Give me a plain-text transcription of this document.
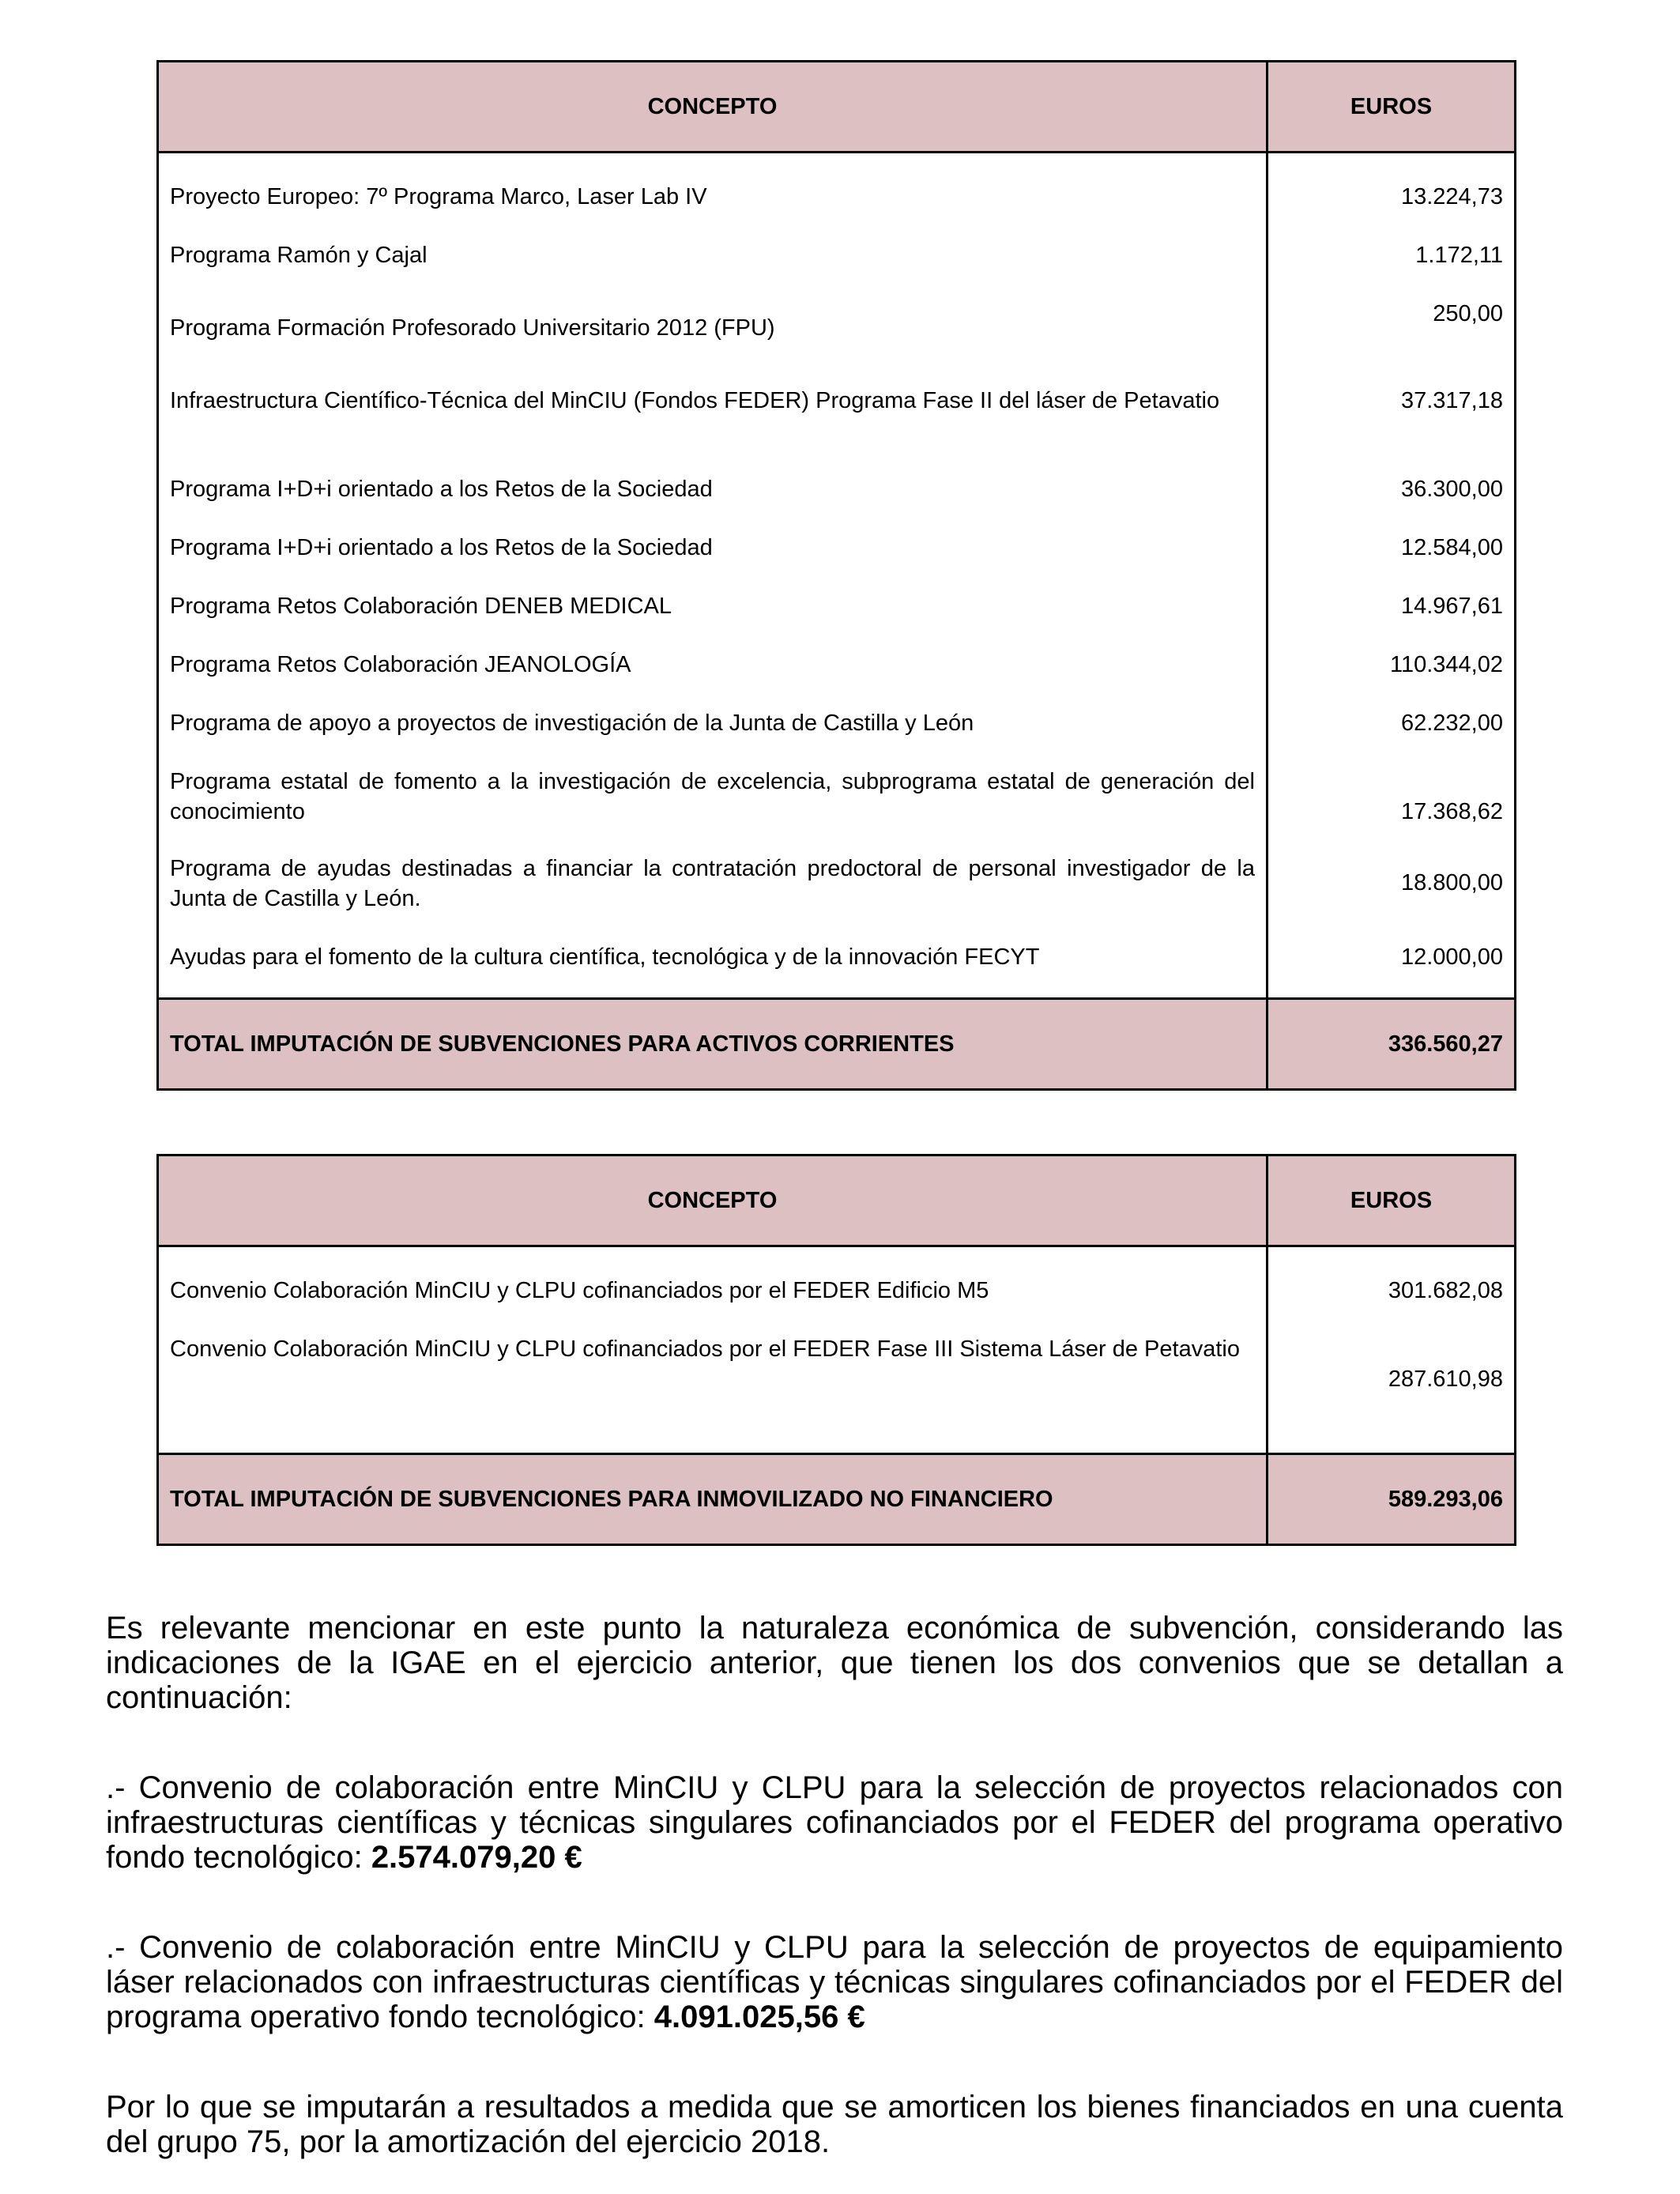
CONCEPTO	EUROS
Proyecto Europeo: 7º Programa Marco, Laser Lab IV	13.224,73
Programa Ramón y Cajal	1.172,11
Programa Formación Profesorado Universitario 2012 (FPU)	250,00
Infraestructura Científico-Técnica del MinCIU (Fondos FEDER) Programa Fase II del láser de Petavatio	37.317,18
Programa I+D+i orientado a los Retos de la Sociedad	36.300,00
Programa I+D+i orientado a los Retos de la Sociedad	12.584,00
Programa Retos Colaboración DENEB MEDICAL	14.967,61
Programa Retos Colaboración JEANOLOGÍA	110.344,02
Programa de apoyo a proyectos de investigación de la Junta de Castilla y León	62.232,00
Programa estatal de fomento a la investigación de excelencia, subprograma estatal de generación del conocimiento	17.368,62
Programa de ayudas destinadas a financiar la contratación predoctoral de personal investigador de la Junta de Castilla y León.	18.800,00
Ayudas para el fomento de la cultura científica, tecnológica y de la innovación FECYT	12.000,00
TOTAL IMPUTACIÓN DE SUBVENCIONES PARA ACTIVOS CORRIENTES	336.560,27
CONCEPTO	EUROS
Convenio Colaboración MinCIU y CLPU cofinanciados por el FEDER Edificio M5	301.682,08
Convenio Colaboración MinCIU y CLPU cofinanciados por el FEDER Fase III Sistema Láser de Petavatio	287.610,98
TOTAL IMPUTACIÓN DE SUBVENCIONES PARA INMOVILIZADO NO FINANCIERO	589.293,06

Es relevante mencionar en este punto la naturaleza económica de subvención, considerando las indicaciones de la IGAE en el ejercicio anterior, que tienen los dos convenios que se detallan a continuación:

.- Convenio de colaboración entre MinCIU y CLPU para la selección de proyectos relacionados con infraestructuras científicas y técnicas singulares cofinanciados por el FEDER del programa operativo fondo tecnológico: 2.574.079,20 €

.- Convenio de colaboración entre MinCIU y CLPU para la selección de proyectos de equipamiento láser relacionados con infraestructuras científicas y técnicas singulares cofinanciados por el FEDER del programa operativo fondo tecnológico: 4.091.025,56 €

Por lo que se imputarán a resultados a medida que se amorticen los bienes financiados en una cuenta del grupo 75, por la amortización del ejercicio 2018.
